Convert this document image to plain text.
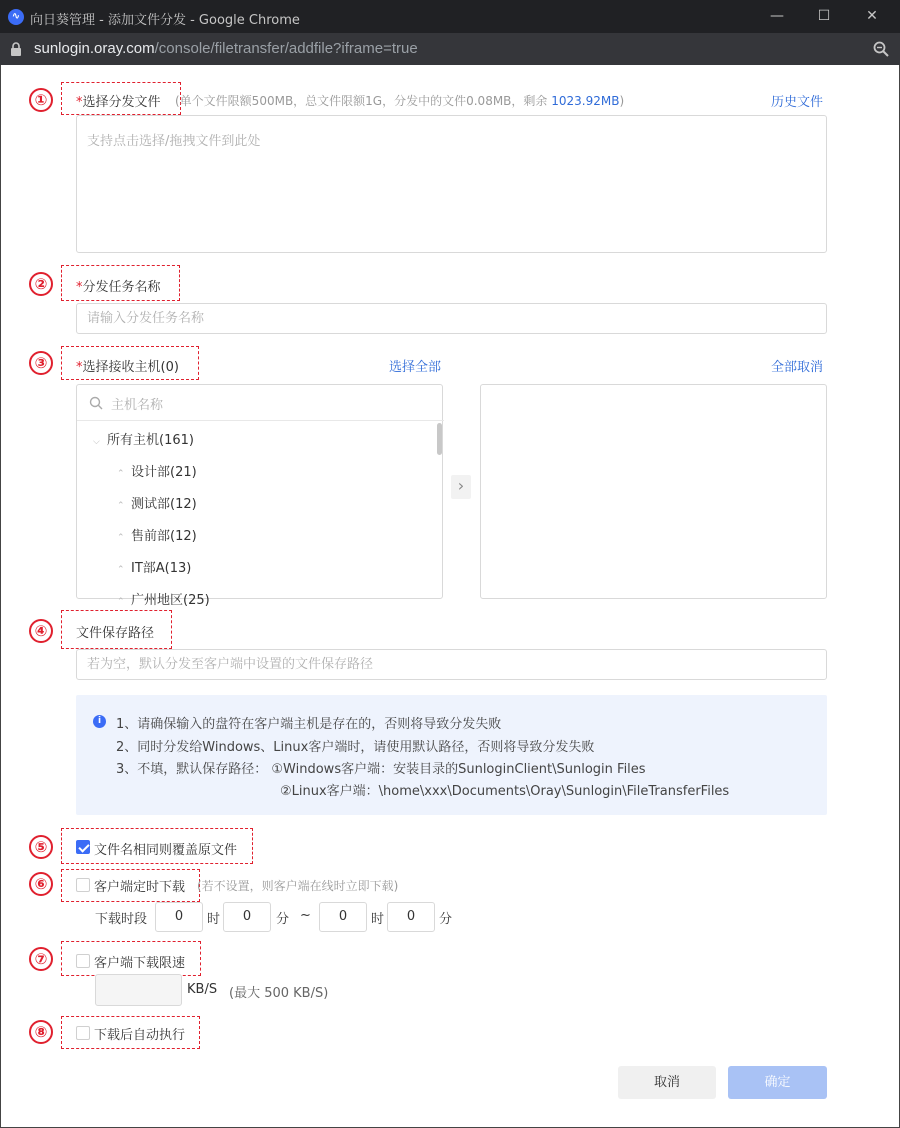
∿ 向日葵管理 - 添加文件分发 - Google Chrome	—	☐	✕
sunlogin.oray.com/console/filetransfer/addfile?iframe=true
①	*选择分发文件 (单个文件限额500MB，总文件限额1G，分发中的文件0.08MB，剩余 1023.92MB)	历史文件
支持点击选择/拖拽文件到此处
②	*分发任务名称
请输入分发任务名称
③	*选择接收主机(0)	选择全部	全部取消
主机名称
⌵ 所有主机(161)
⌃ 设计部(21)
⌃ 测试部(12)
⌃ 售前部(12)
⌃ IT部A(13)
⌃ 广州地区(25)
›
④	文件保存路径
若为空，默认分发至客户端中设置的文件保存路径
i	1、请确保输入的盘符在客户端主机是存在的，否则将导致分发失败
2、同时分发给Windows、Linux客户端时，请使用默认路径，否则将导致分发失败
3、不填，默认保存路径： ①Windows客户端：安装目录的SunloginClient\Sunlogin Files
②Linux客户端：\home\xxx\Documents\Oray\Sunlogin\FileTransferFiles
⑤	文件名相同则覆盖原文件
⑥	客户端定时下载 (若不设置，则客户端在线时立即下载)
下载时段	0	时	0	分 ~	0	时	0	分
⑦	客户端下载限速
KB/S (最大 500 KB/S)
⑧	下载后自动执行
取消	确定
